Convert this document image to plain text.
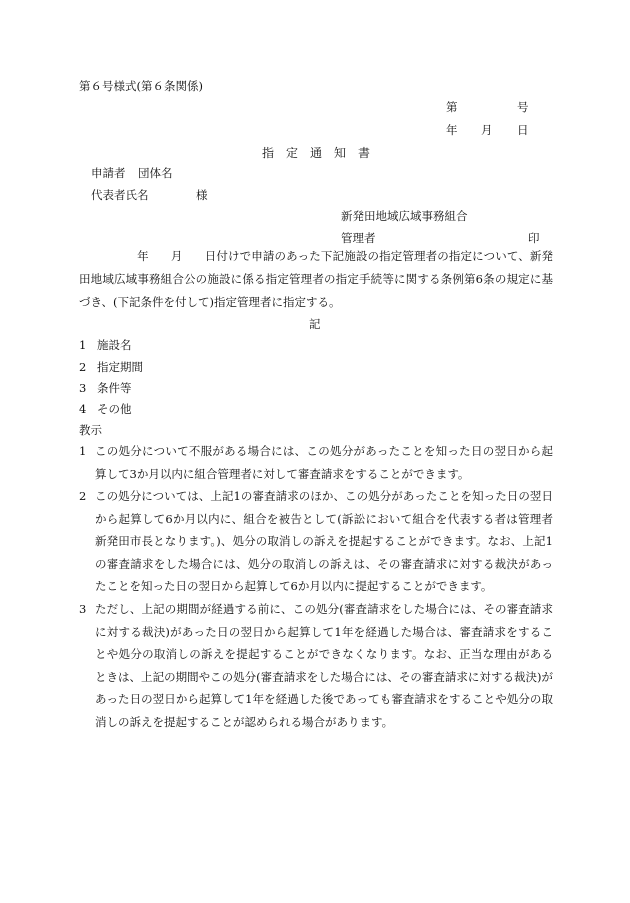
第６号様式(第６条関係)
第	号
年 月 日
指　定　通　知　書
申請者 団体名
代表者氏名	様
新発田地域広域事務組合
管理者	印
年 月 日付けで申請のあった下記施設の指定管理者の指定について、新発田地域広域事務組合公の施設に係る指定管理者の指定手続等に関する条例第6条の規定に基づき、(下記条件を付して)指定管理者に指定する。
記
1 施設名
2 指定期間
3 条件等
4 その他
教示
1 この処分について不服がある場合には、この処分があったことを知った日の翌日から起算して3か月以内に組合管理者に対して審査請求をすることができます。
2 この処分については、上記1の審査請求のほか、この処分があったことを知った日の翌日から起算して6か月以内に、組合を被告として(訴訟において組合を代表する者は管理者新発田市長となります。)、処分の取消しの訴えを提起することができます。なお、上記1の審査請求をした場合には、処分の取消しの訴えは、その審査請求に対する裁決があったことを知った日の翌日から起算して6か月以内に提起することができます。
3 ただし、上記の期間が経過する前に、この処分(審査請求をした場合には、その審査請求に対する裁決)があった日の翌日から起算して1年を経過した場合は、審査請求をすることや処分の取消しの訴えを提起することができなくなります。なお、正当な理由があるときは、上記の期間やこの処分(審査請求をした場合には、その審査請求に対する裁決)があった日の翌日から起算して1年を経過した後であっても審査請求をすることや処分の取消しの訴えを提起することが認められる場合があります。
